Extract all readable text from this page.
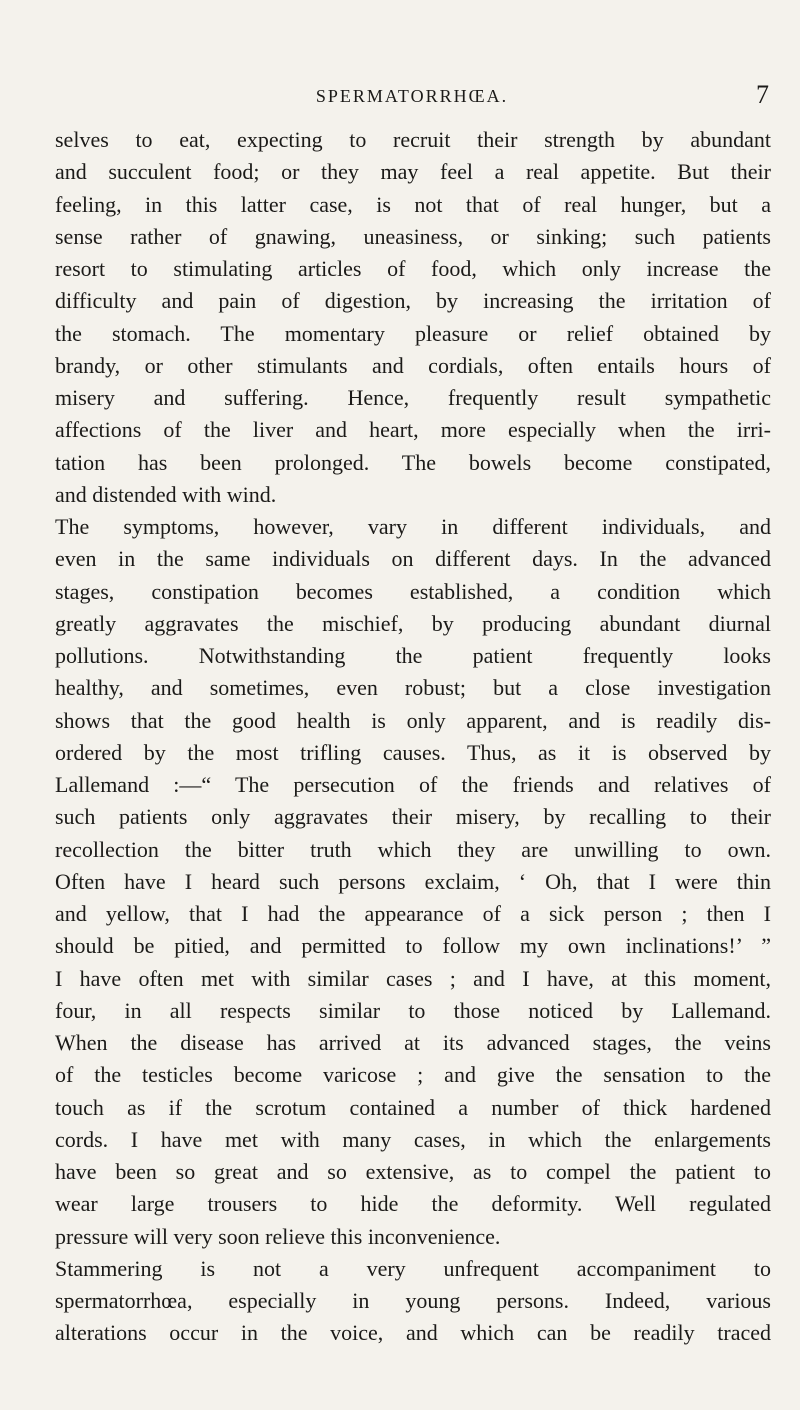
SPERMATORRHŒA.	7
selves to eat, expecting to recruit their strength by abundant
and succulent food; or they may feel a real appetite. But their
feeling, in this latter case, is not that of real hunger, but a
sense rather of gnawing, uneasiness, or sinking; such patients
resort to stimulating articles of food, which only increase the
difficulty and pain of digestion, by increasing the irritation of
the stomach. The momentary pleasure or relief obtained by
brandy, or other stimulants and cordials, often entails hours of
misery and suffering. Hence, frequently result sympathetic
affections of the liver and heart, more especially when the irri-
tation has been prolonged. The bowels become constipated,
and distended with wind.
The symptoms, however, vary in different individuals, and
even in the same individuals on different days. In the advanced
stages, constipation becomes established, a condition which
greatly aggravates the mischief, by producing abundant diurnal
pollutions. Notwithstanding the patient frequently looks
healthy, and sometimes, even robust; but a close investigation
shows that the good health is only apparent, and is readily dis-
ordered by the most trifling causes. Thus, as it is observed by
Lallemand :—“ The persecution of the friends and relatives of
such patients only aggravates their misery, by recalling to their
recollection the bitter truth which they are unwilling to own.
Often have I heard such persons exclaim, ‘ Oh, that I were thin
and yellow, that I had the appearance of a sick person ; then I
should be pitied, and permitted to follow my own inclinations!’ ”
I have often met with similar cases ; and I have, at this moment,
four, in all respects similar to those noticed by Lallemand.
When the disease has arrived at its advanced stages, the veins
of the testicles become varicose ; and give the sensation to the
touch as if the scrotum contained a number of thick hardened
cords. I have met with many cases, in which the enlargements
have been so great and so extensive, as to compel the patient to
wear large trousers to hide the deformity. Well regulated
pressure will very soon relieve this inconvenience.
Stammering is not a very unfrequent accompaniment to
spermatorrhœa, especially in young persons. Indeed, various
alterations occur in the voice, and which can be readily traced
